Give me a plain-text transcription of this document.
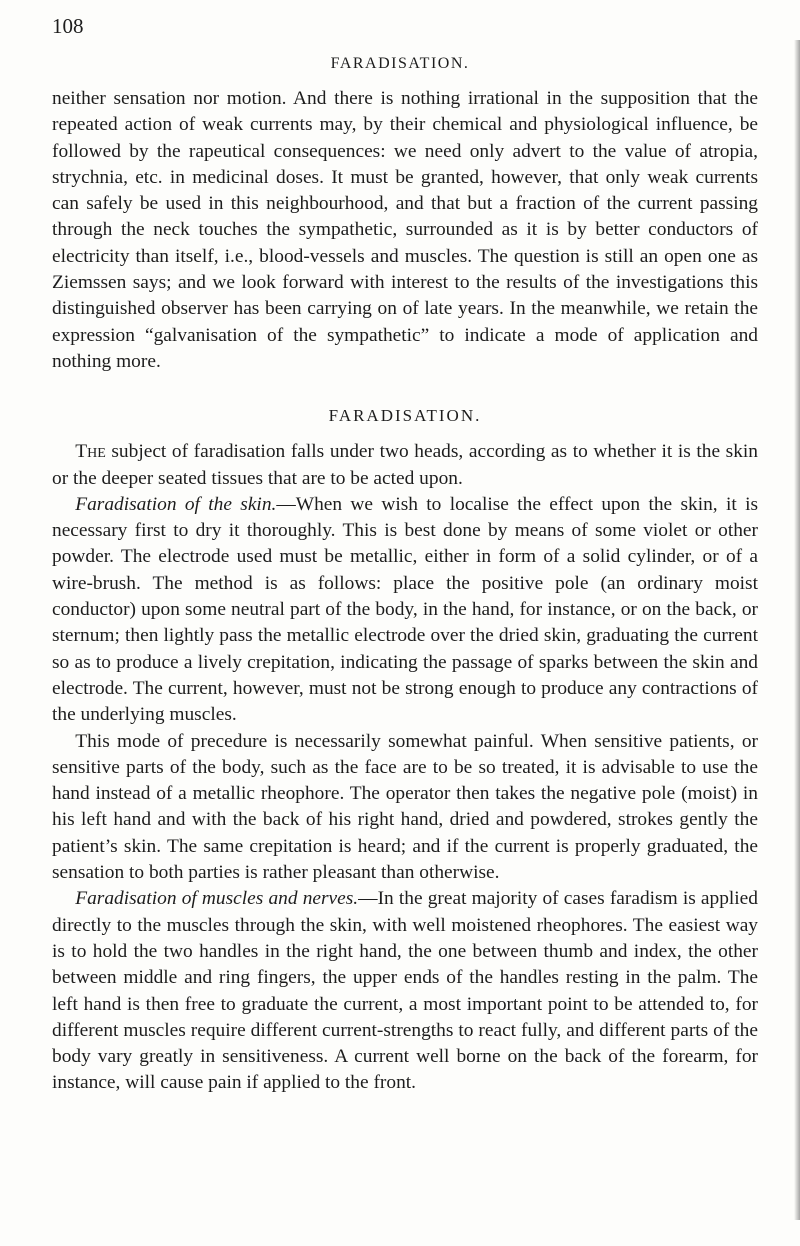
108
FARADISATION.

neither sensation nor motion. And there is nothing irrational in the supposition that the repeated action of weak currents may, by their chemical and physiological influence, be followed by the rapeutical consequences: we need only advert to the value of atropia, strychnia, etc. in medicinal doses. It must be granted, however, that only weak currents can safely be used in this neighbourhood, and that but a fraction of the current passing through the neck touches the sympathetic, surrounded as it is by better conductors of electricity than itself, i.e., blood-vessels and muscles. The question is still an open one as Ziemssen says; and we look forward with interest to the results of the investigations this distinguished observer has been carrying on of late years. In the meanwhile, we retain the expression “galvanisation of the sympathetic” to indicate a mode of application and nothing more.

FARADISATION.

The subject of faradisation falls under two heads, according as to whether it is the skin or the deeper seated tissues that are to be acted upon.

Faradisation of the skin.—When we wish to localise the effect upon the skin, it is necessary first to dry it thoroughly. This is best done by means of some violet or other powder. The electrode used must be metallic, either in form of a solid cylinder, or of a wire-brush. The method is as follows: place the positive pole (an ordinary moist conductor) upon some neutral part of the body, in the hand, for instance, or on the back, or sternum; then lightly pass the metallic electrode over the dried skin, graduating the current so as to produce a lively crepitation, indicating the passage of sparks between the skin and electrode. The current, however, must not be strong enough to produce any contractions of the underlying muscles.

This mode of precedure is necessarily somewhat painful. When sensitive patients, or sensitive parts of the body, such as the face are to be so treated, it is advisable to use the hand instead of a metallic rheophore. The operator then takes the negative pole (moist) in his left hand and with the back of his right hand, dried and powdered, strokes gently the patient’s skin. The same crepitation is heard; and if the current is properly graduated, the sensation to both parties is rather pleasant than otherwise.

Faradisation of muscles and nerves.—In the great majority of cases faradism is applied directly to the muscles through the skin, with well moistened rheophores. The easiest way is to hold the two handles in the right hand, the one between thumb and index, the other between middle and ring fingers, the upper ends of the handles resting in the palm. The left hand is then free to graduate the current, a most important point to be attended to, for different muscles require different current-strengths to react fully, and different parts of the body vary greatly in sensitiveness. A current well borne on the back of the forearm, for instance, will cause pain if applied to the front.
